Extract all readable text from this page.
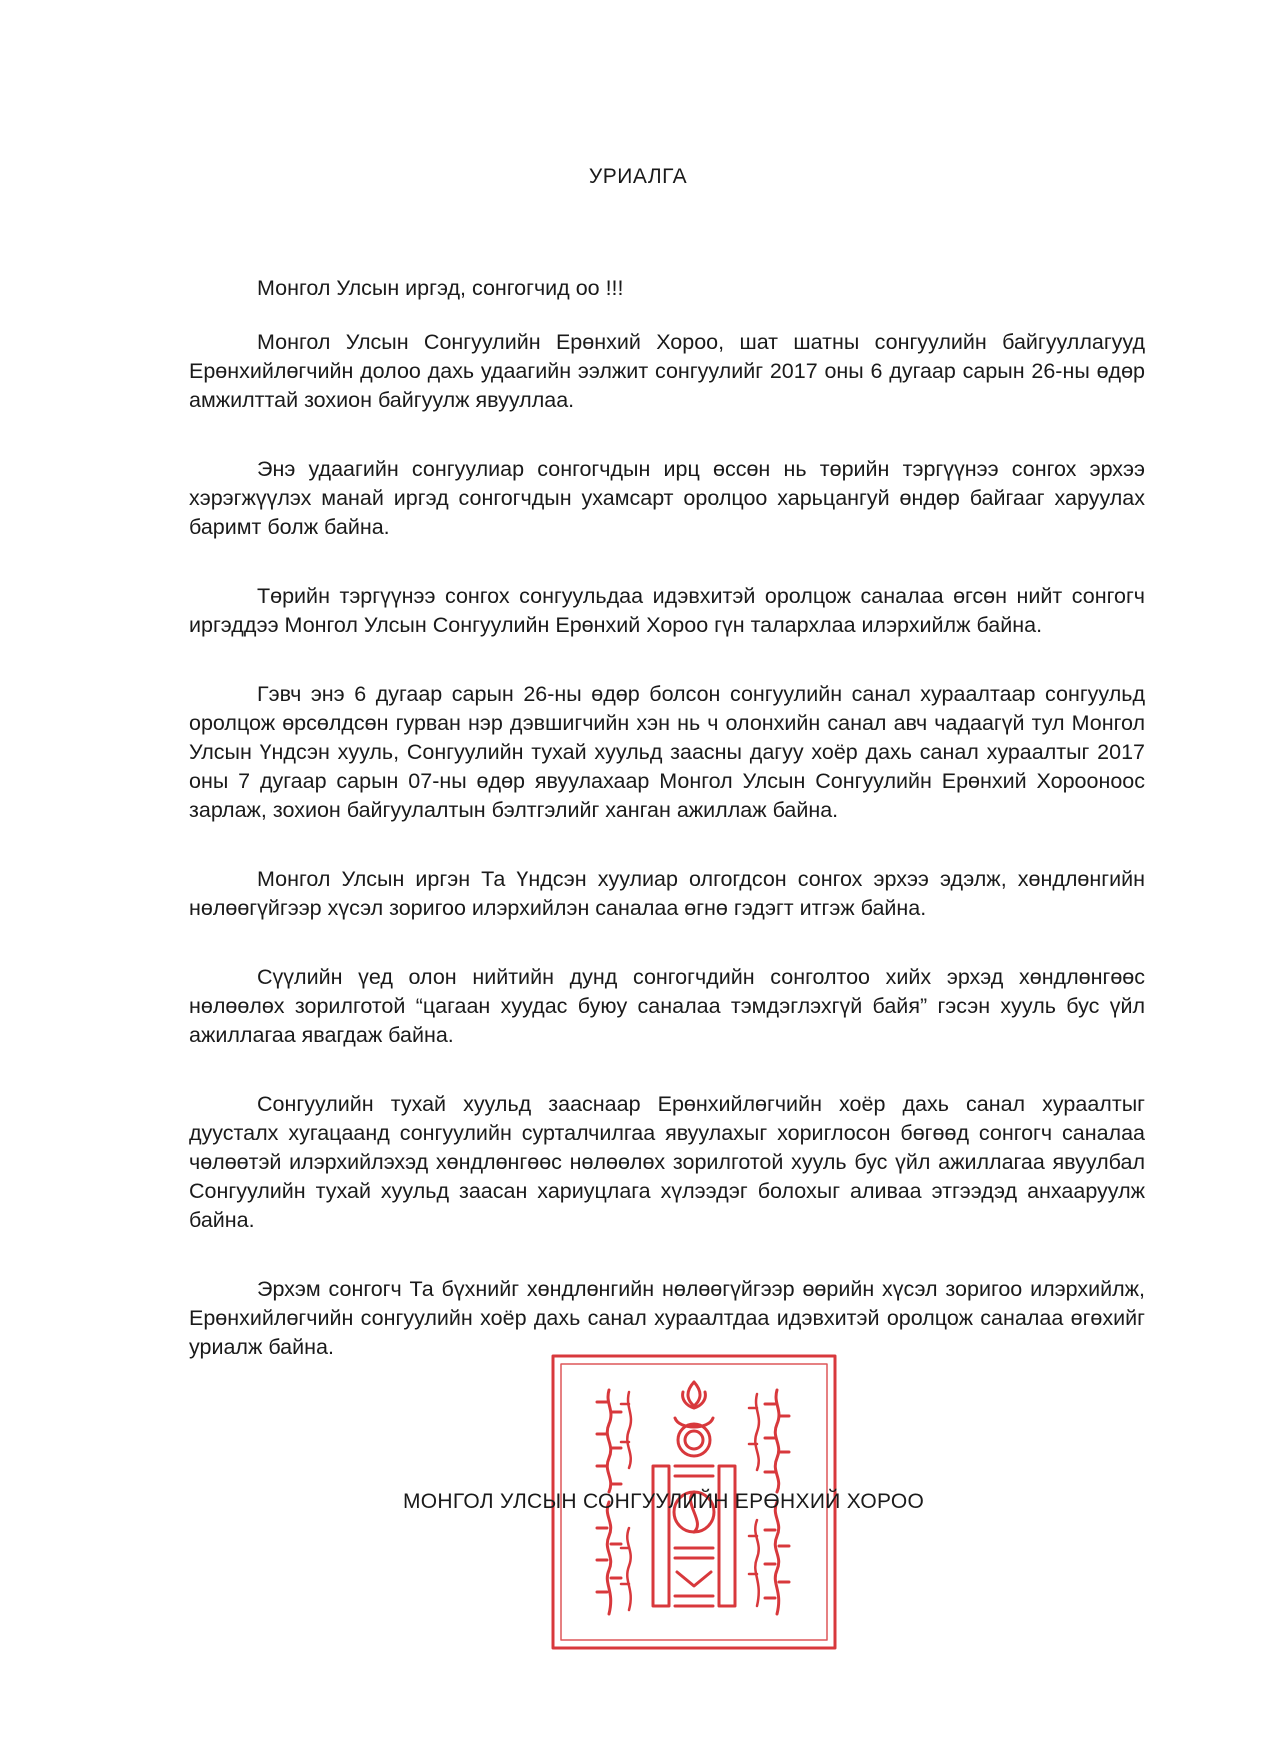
УРИАЛГА
Монгол Улсын иргэд, сонгогчид оо !!!

Монгол Улсын Сонгуулийн Ерөнхий Хороо, шат шатны сонгуулийн байгууллагууд Ерөнхийлөгчийн долоо дахь удаагийн ээлжит сонгуулийг 2017 оны 6 дугаар сарын 26-ны өдөр амжилттай зохион байгуулж явууллаа.

Энэ удаагийн сонгуулиар сонгогчдын ирц өссөн нь төрийн тэргүүнээ сонгох эрхээ хэрэгжүүлэх манай иргэд сонгогчдын ухамсарт оролцоо харьцангуй өндөр байгааг харуулах баримт болж байна.

Төрийн тэргүүнээ сонгох сонгуульдаа идэвхитэй оролцож саналаа өгсөн нийт сонгогч иргэддээ Монгол Улсын Сонгуулийн Ерөнхий Хороо гүн талархлаа илэрхийлж байна.

Гэвч энэ 6 дугаар сарын 26-ны өдөр болсон сонгуулийн санал хураалтаар сонгуульд оролцож өрсөлдсөн гурван нэр дэвшигчийн хэн нь ч олонхийн санал авч чадаагүй тул Монгол Улсын Үндсэн хууль, Сонгуулийн тухай хуульд заасны дагуу хоёр дахь санал хураалтыг 2017 оны 7 дугаар сарын 07-ны өдөр явуулахаар Монгол Улсын Сонгуулийн Ерөнхий Хорооноос зарлаж, зохион байгуулалтын бэлтгэлийг ханган ажиллаж байна.

Монгол Улсын иргэн Та Үндсэн хуулиар олгогдсон сонгох эрхээ эдэлж, хөндлөнгийн нөлөөгүйгээр хүсэл зоригоо илэрхийлэн саналаа өгнө гэдэгт итгэж байна.

Сүүлийн үед олон нийтийн дунд сонгогчдийн сонголтоо хийх эрхэд хөндлөнгөөс нөлөөлөх зорилготой “цагаан хуудас буюу саналаа тэмдэглэхгүй байя” гэсэн хууль бус үйл ажиллагаа явагдаж байна.

Сонгуулийн тухай хуульд зааснаар Ерөнхийлөгчийн хоёр дахь санал хураалтыг дуусталх хугацаанд сонгуулийн сурталчилгаа явуулахыг хориглосон бөгөөд сонгогч саналаа чөлөөтэй илэрхийлэхэд хөндлөнгөөс нөлөөлөх зорилготой хууль бус үйл ажиллагаа явуулбал Сонгуулийн тухай хуульд заасан хариуцлага хүлээдэг болохыг аливаа этгээдэд анхааруулж байна.

Эрхэм сонгогч Та бүхнийг хөндлөнгийн нөлөөгүйгээр өөрийн хүсэл зоригоо илэрхийлж, Ерөнхийлөгчийн сонгуулийн хоёр дахь санал хураалтдаа идэвхитэй оролцож саналаа өгөхийг уриалж байна.

МОНГОЛ УЛСЫН СОНГУУЛИЙН ЕРӨНХИЙ ХОРОО
